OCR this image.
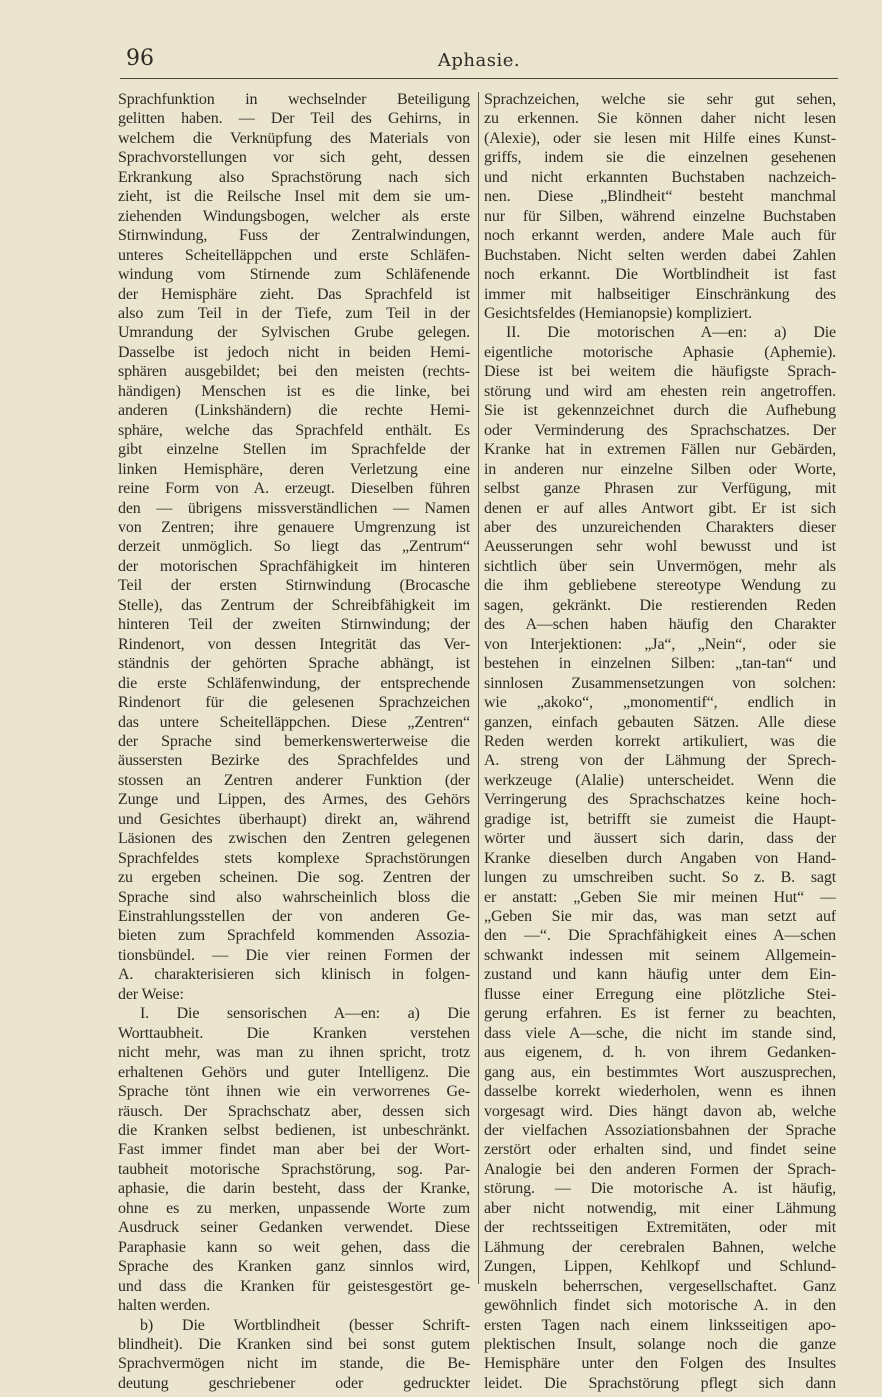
96	Aphasie.
Sprachfunktion in wechselnder Beteiligung
gelitten haben. — Der Teil des Gehirns, in
welchem die Verknüpfung des Materials von
Sprachvorstellungen vor sich geht, dessen
Erkrankung also Sprachstörung nach sich
zieht, ist die Reilsche Insel mit dem sie um-
ziehenden Windungsbogen, welcher als erste
Stirnwindung, Fuss der Zentralwindungen,
unteres Scheitelläppchen und erste Schläfen-
windung vom Stirnende zum Schläfenende
der Hemisphäre zieht. Das Sprachfeld ist
also zum Teil in der Tiefe, zum Teil in der
Umrandung der Sylvischen Grube gelegen.
Dasselbe ist jedoch nicht in beiden Hemi-
sphären ausgebildet; bei den meisten (rechts-
händigen) Menschen ist es die linke, bei
anderen (Linkshändern) die rechte Hemi-
sphäre, welche das Sprachfeld enthält. Es
gibt einzelne Stellen im Sprachfelde der
linken Hemisphäre, deren Verletzung eine
reine Form von A. erzeugt. Dieselben führen
den — übrigens missverständlichen — Namen
von Zentren; ihre genauere Umgrenzung ist
derzeit unmöglich. So liegt das „Zentrum“
der motorischen Sprachfähigkeit im hinteren
Teil der ersten Stirnwindung (Brocasche
Stelle), das Zentrum der Schreibfähigkeit im
hinteren Teil der zweiten Stirnwindung; der
Rindenort, von dessen Integrität das Ver-
ständnis der gehörten Sprache abhängt, ist
die erste Schläfenwindung, der entsprechende
Rindenort für die gelesenen Sprachzeichen
das untere Scheitelläppchen. Diese „Zentren“
der Sprache sind bemerkenswerterweise die
äussersten Bezirke des Sprachfeldes und
stossen an Zentren anderer Funktion (der
Zunge und Lippen, des Armes, des Gehörs
und Gesichtes überhaupt) direkt an, während
Läsionen des zwischen den Zentren gelegenen
Sprachfeldes stets komplexe Sprachstörungen
zu ergeben scheinen. Die sog. Zentren der
Sprache sind also wahrscheinlich bloss die
Einstrahlungsstellen der von anderen Ge-
bieten zum Sprachfeld kommenden Assozia-
tionsbündel. — Die vier reinen Formen der
A. charakterisieren sich klinisch in folgen-
der Weise:
I. Die sensorischen A—en: a) Die
Worttaubheit. Die Kranken verstehen
nicht mehr, was man zu ihnen spricht, trotz
erhaltenen Gehörs und guter Intelligenz. Die
Sprache tönt ihnen wie ein verworrenes Ge-
räusch. Der Sprachschatz aber, dessen sich
die Kranken selbst bedienen, ist unbeschränkt.
Fast immer findet man aber bei der Wort-
taubheit motorische Sprachstörung, sog. Par-
aphasie, die darin besteht, dass der Kranke,
ohne es zu merken, unpassende Worte zum
Ausdruck seiner Gedanken verwendet. Diese
Paraphasie kann so weit gehen, dass die
Sprache des Kranken ganz sinnlos wird,
und dass die Kranken für geistesgestört ge-
halten werden.
b) Die Wortblindheit (besser Schrift-
blindheit). Die Kranken sind bei sonst gutem
Sprachvermögen nicht im stande, die Be-
deutung geschriebener oder gedruckter
Sprachzeichen, welche sie sehr gut sehen,
zu erkennen. Sie können daher nicht lesen
(Alexie), oder sie lesen mit Hilfe eines Kunst-
griffs, indem sie die einzelnen gesehenen
und nicht erkannten Buchstaben nachzeich-
nen. Diese „Blindheit“ besteht manchmal
nur für Silben, während einzelne Buchstaben
noch erkannt werden, andere Male auch für
Buchstaben. Nicht selten werden dabei Zahlen
noch erkannt. Die Wortblindheit ist fast
immer mit halbseitiger Einschränkung des
Gesichtsfeldes (Hemianopsie) kompliziert.
II. Die motorischen A—en: a) Die
eigentliche motorische Aphasie (Aphemie).
Diese ist bei weitem die häufigste Sprach-
störung und wird am ehesten rein angetroffen.
Sie ist gekennzeichnet durch die Aufhebung
oder Verminderung des Sprachschatzes. Der
Kranke hat in extremen Fällen nur Gebärden,
in anderen nur einzelne Silben oder Worte,
selbst ganze Phrasen zur Verfügung, mit
denen er auf alles Antwort gibt. Er ist sich
aber des unzureichenden Charakters dieser
Aeusserungen sehr wohl bewusst und ist
sichtlich über sein Unvermögen, mehr als
die ihm gebliebene stereotype Wendung zu
sagen, gekränkt. Die restierenden Reden
des A—schen haben häufig den Charakter
von Interjektionen: „Ja“, „Nein“, oder sie
bestehen in einzelnen Silben: „tan-tan“ und
sinnlosen Zusammensetzungen von solchen:
wie „akoko“, „monomentif“, endlich in
ganzen, einfach gebauten Sätzen. Alle diese
Reden werden korrekt artikuliert, was die
A. streng von der Lähmung der Sprech-
werkzeuge (Alalie) unterscheidet. Wenn die
Verringerung des Sprachschatzes keine hoch-
gradige ist, betrifft sie zumeist die Haupt-
wörter und äussert sich darin, dass der
Kranke dieselben durch Angaben von Hand-
lungen zu umschreiben sucht. So z. B. sagt
er anstatt: „Geben Sie mir meinen Hut“ —
„Geben Sie mir das, was man setzt auf
den —“. Die Sprachfähigkeit eines A—schen
schwankt indessen mit seinem Allgemein-
zustand und kann häufig unter dem Ein-
flusse einer Erregung eine plötzliche Stei-
gerung erfahren. Es ist ferner zu beachten,
dass viele A—sche, die nicht im stande sind,
aus eigenem, d. h. von ihrem Gedanken-
gang aus, ein bestimmtes Wort auszusprechen,
dasselbe korrekt wiederholen, wenn es ihnen
vorgesagt wird. Dies hängt davon ab, welche
der vielfachen Assoziationsbahnen der Sprache
zerstört oder erhalten sind, und findet seine
Analogie bei den anderen Formen der Sprach-
störung. — Die motorische A. ist häufig,
aber nicht notwendig, mit einer Lähmung
der rechtsseitigen Extremitäten, oder mit
Lähmung der cerebralen Bahnen, welche
Zungen, Lippen, Kehlkopf und Schlund-
muskeln beherrschen, vergesellschaftet. Ganz
gewöhnlich findet sich motorische A. in den
ersten Tagen nach einem linksseitigen apo-
plektischen Insult, solange noch die ganze
Hemisphäre unter den Folgen des Insultes
leidet. Die Sprachstörung pflegt sich dann
